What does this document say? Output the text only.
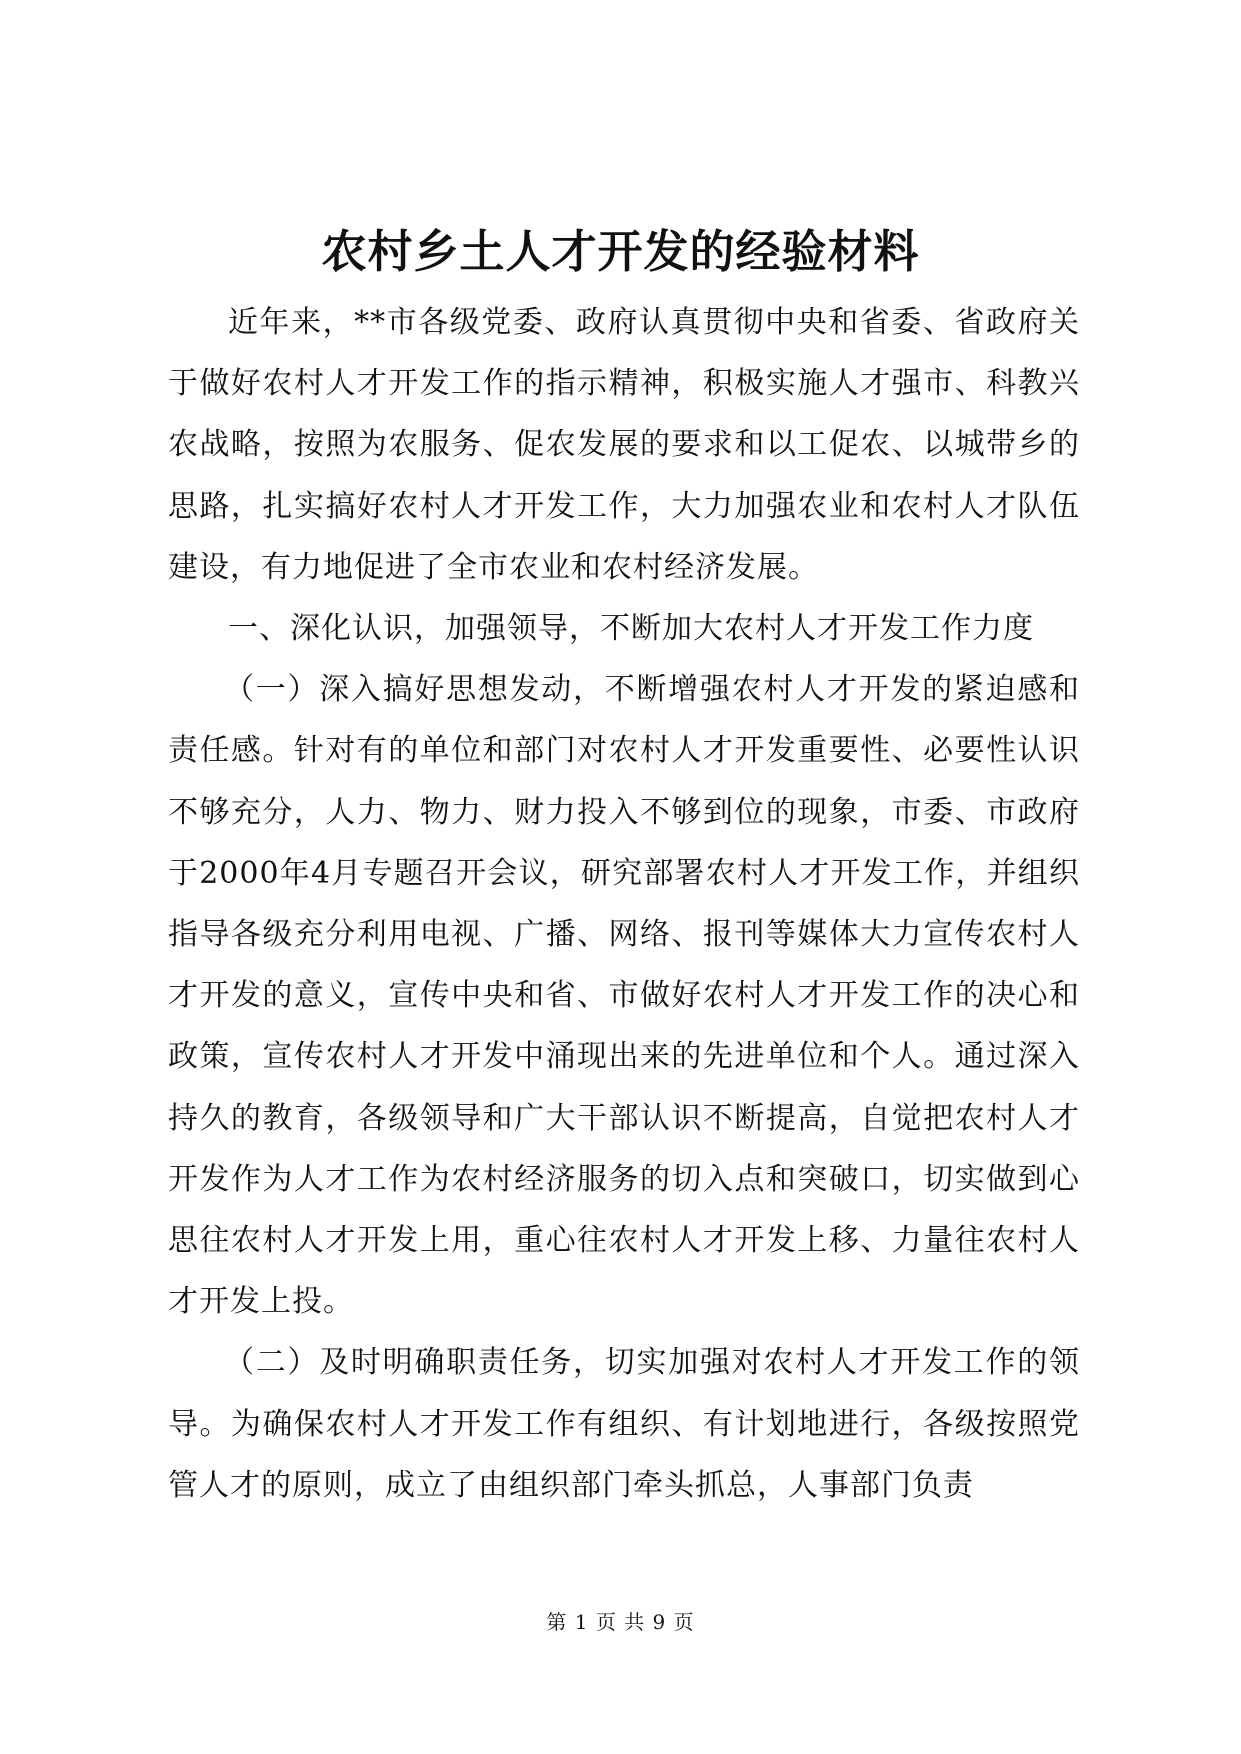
农村乡土人才开发的经验材料

近年来，**市各级党委、政府认真贯彻中央和省委、省政府关于做好农村人才开发工作的指示精神，积极实施人才强市、科教兴农战略，按照为农服务、促农发展的要求和以工促农、以城带乡的思路，扎实搞好农村人才开发工作，大力加强农业和农村人才队伍建设，有力地促进了全市农业和农村经济发展。

一、深化认识，加强领导，不断加大农村人才开发工作力度

（一）深入搞好思想发动，不断增强农村人才开发的紧迫感和责任感。针对有的单位和部门对农村人才开发重要性、必要性认识不够充分，人力、物力、财力投入不够到位的现象，市委、市政府于2000年4月专题召开会议，研究部署农村人才开发工作，并组织指导各级充分利用电视、广播、网络、报刊等媒体大力宣传农村人才开发的意义，宣传中央和省、市做好农村人才开发工作的决心和政策，宣传农村人才开发中涌现出来的先进单位和个人。通过深入持久的教育，各级领导和广大干部认识不断提高，自觉把农村人才开发作为人才工作为农村经济服务的切入点和突破口，切实做到心思往农村人才开发上用，重心往农村人才开发上移、力量往农村人才开发上投。

（二）及时明确职责任务，切实加强对农村人才开发工作的领导。为确保农村人才开发工作有组织、有计划地进行，各级按照党管人才的原则，成立了由组织部门牵头抓总，人事部门负责

第 1 页 共 9 页
